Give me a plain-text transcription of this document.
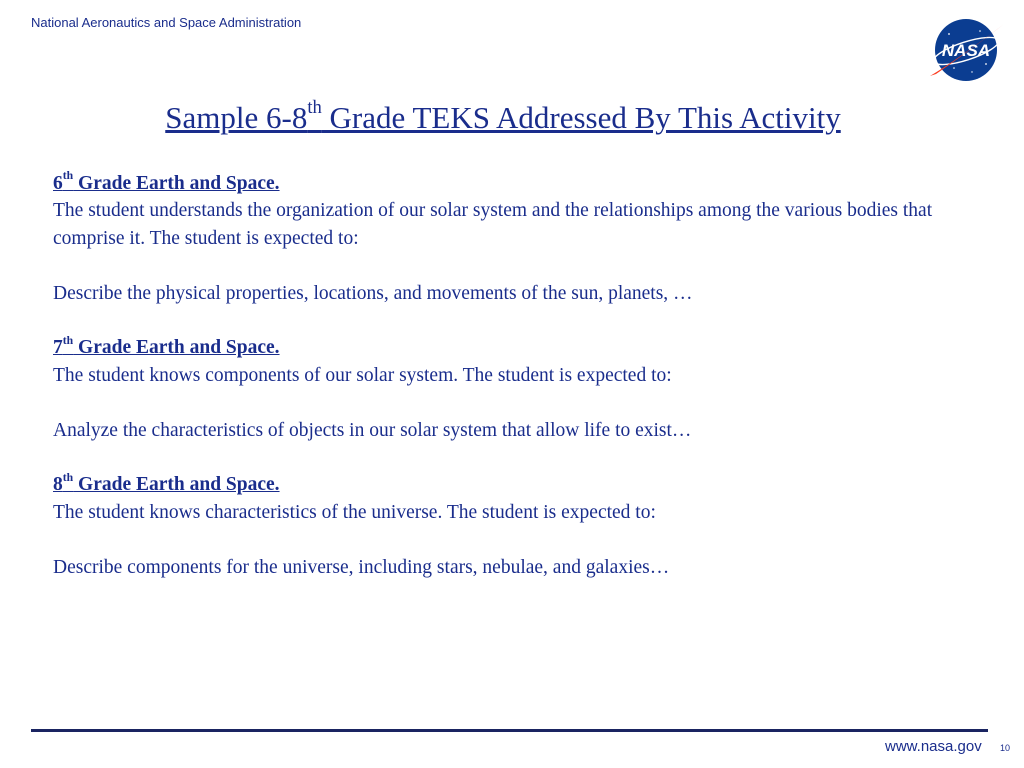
National Aeronautics and Space Administration
NASA
Sample 6-8th Grade TEKS Addressed By This Activity
6th Grade Earth and Space.
The student understands the organization of our solar system and the relationships among the various bodies that comprise it. The student is expected to:
Describe the physical properties, locations, and movements of the sun, planets, …
7th Grade Earth and Space.
The student knows components of our solar system. The student is expected to:
Analyze the characteristics of objects in our solar system that allow life to exist…
8th Grade Earth and Space.
The student knows characteristics of the universe. The student is expected to:
Describe components for the universe, including stars, nebulae, and galaxies…
www.nasa.gov 10
